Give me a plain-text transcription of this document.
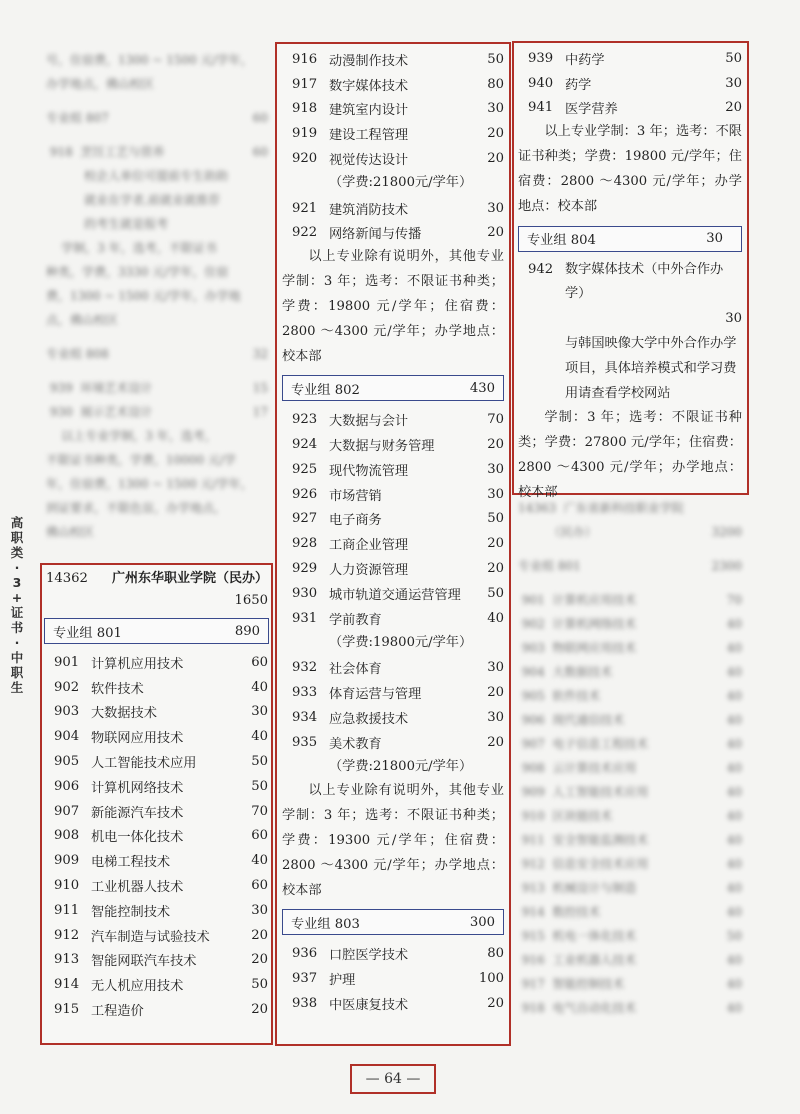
号，住宿费，1300 ~ 1500 元/学年，
办学地点，佛山校区
专业组 807	60
918  烹饪工艺与营养	60
校企人单位可提前专生助助
就业在学者,前就业就推荐
的考生就是报考
学制，3 年，选考，不限证书
种类，学费，3330 元/学年，住宿
费，1300 ~ 1500 元/学年，办学地
点，佛山校区
专业组 808	32
939  环境艺术设计	15
930  展示艺术设计	17
以上专业学制，3 年，选考，
不限证书种类，学费，10000 元/学
年，住宿费，1300 ~ 1500 元/学年，
到证要求，不限色盲，办学地点，
佛山校区
14363  广东省新科技职业学院
（民办）	3200
专业组 801	2300
901  计算机应用技术	70
902  计算机网络技术	40
903  物联网应用技术	40
904  大数据技术	40
905  软件技术	40
906  现代通信技术	40
907  电子信息工程技术	40
908  云计算技术应用	40
909  人工智能技术应用	40
910  区块链技术	40
911  安全智能监测技术	40
912  信息安全技术应用	40
913  机械设计与制造	40
914  数控技术	40
915  机电一体化技术	50
916  工业机器人技术	40
917  智能控制技术	40
918  电气自动化技术	40
高
职
类
·
3
+
证
书
·
中
职
生
14362 广州东华职业学院（民办）
1650
专业组 801	890
901 计算机应用技术	60
902 软件技术	40
903 大数据技术	30
904 物联网应用技术	40
905 人工智能技术应用	50
906 计算机网络技术	50
907 新能源汽车技术	70
908 机电一体化技术	60
909 电梯工程技术	40
910 工业机器人技术	60
911 智能控制技术	30
912 汽车制造与试验技术	20
913 智能网联汽车技术	20
914 无人机应用技术	50
915 工程造价	20
916 动漫制作技术	50
917 数字媒体技术	80
918 建筑室内设计	30
919 建设工程管理	20
920 视觉传达设计	20
（学费:21800元/学年）
921 建筑消防技术	30
922 网络新闻与传播	20

以上专业除有说明外，其他专业学制：3 年；选考：不限证书种类；学费：19800 元/学年；住宿费：2800 ～4300 元/学年；办学地点：校本部

专业组 802	430
923 大数据与会计	70
924 大数据与财务管理	20
925 现代物流管理	30
926 市场营销	30
927 电子商务	50
928 工商企业管理	20
929 人力资源管理	20
930 城市轨道交通运营管理	50
931 学前教育	40
（学费:19800元/学年）
932 社会体育	30
933 体育运营与管理	20
934 应急救援技术	30
935 美术教育	20
（学费:21800元/学年）

以上专业除有说明外，其他专业学制：3 年；选考：不限证书种类；学费：19300 元/学年；住宿费：2800 ～4300 元/学年；办学地点：校本部

专业组 803	300
936 口腔医学技术	80
937 护理	100
938 中医康复技术	20
939 中药学	50
940 药学	30
941 医学营养	20

以上专业学制：3 年；选考：不限证书种类；学费：19800 元/学年；住宿费：2800 ～4300 元/学年；办学地点：校本部

专业组 804	30
942 数字媒体技术（中外合作办学）
30
与韩国映像大学中外合作办学项目，具体培养模式和学习费用请查看学校网站

学制：3 年；选考：不限证书种类；学费：27800 元/学年；住宿费：2800 ～4300 元/学年；办学地点：校本部

— 64 —
